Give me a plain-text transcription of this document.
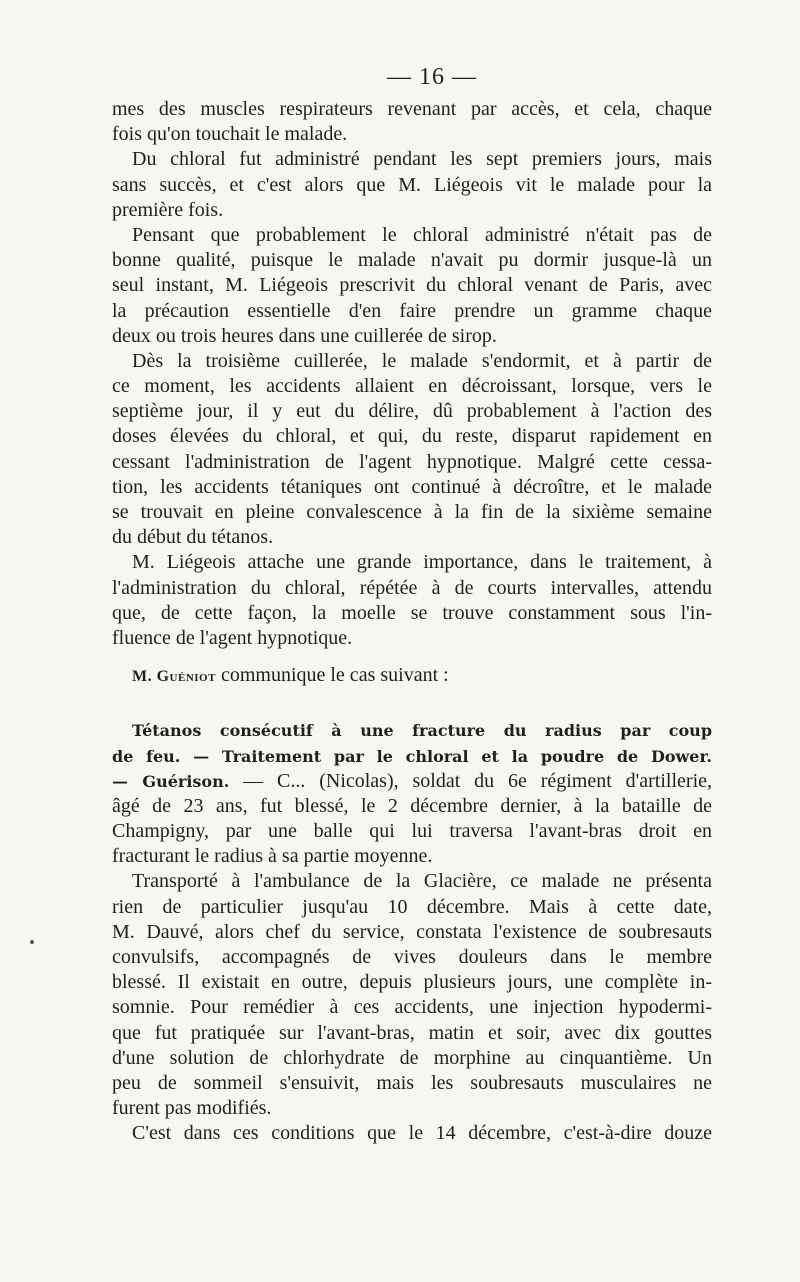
— 16 —
mes des muscles respirateurs revenant par accès, et cela, chaque
fois qu'on touchait le malade.
Du chloral fut administré pendant les sept premiers jours, mais
sans succès, et c'est alors que M. Liégeois vit le malade pour la
première fois.
Pensant que probablement le chloral administré n'était pas de
bonne qualité, puisque le malade n'avait pu dormir jusque-là un
seul instant, M. Liégeois prescrivit du chloral venant de Paris, avec
la précaution essentielle d'en faire prendre un gramme chaque
deux ou trois heures dans une cuillerée de sirop.
Dès la troisième cuillerée, le malade s'endormit, et à partir de
ce moment, les accidents allaient en décroissant, lorsque, vers le
septième jour, il y eut du délire, dû probablement à l'action des
doses élevées du chloral, et qui, du reste, disparut rapidement en
cessant l'administration de l'agent hypnotique. Malgré cette cessa-
tion, les accidents tétaniques ont continué à décroître, et le malade
se trouvait en pleine convalescence à la fin de la sixième semaine
du début du tétanos.
M. Liégeois attache une grande importance, dans le traitement, à
l'administration du chloral, répétée à de courts intervalles, attendu
que, de cette façon, la moelle se trouve constamment sous l'in-
fluence de l'agent hypnotique.
M. Guéniot communique le cas suivant :
Tétanos consécutif à une fracture du radius par coup
de feu. — Traitement par le chloral et la poudre de Dower.
— Guérison. — C... (Nicolas), soldat du 6e régiment d'artillerie,
âgé de 23 ans, fut blessé, le 2 décembre dernier, à la bataille de
Champigny, par une balle qui lui traversa l'avant-bras droit en
fracturant le radius à sa partie moyenne.
Transporté à l'ambulance de la Glacière, ce malade ne présenta
rien de particulier jusqu'au 10 décembre. Mais à cette date,
M. Dauvé, alors chef du service, constata l'existence de soubresauts
convulsifs, accompagnés de vives douleurs dans le membre
blessé. Il existait en outre, depuis plusieurs jours, une complète in-
somnie. Pour remédier à ces accidents, une injection hypodermi-
que fut pratiquée sur l'avant-bras, matin et soir, avec dix gouttes
d'une solution de chlorhydrate de morphine au cinquantième. Un
peu de sommeil s'ensuivit, mais les soubresauts musculaires ne
furent pas modifiés.
C'est dans ces conditions que le 14 décembre, c'est-à-dire douze
